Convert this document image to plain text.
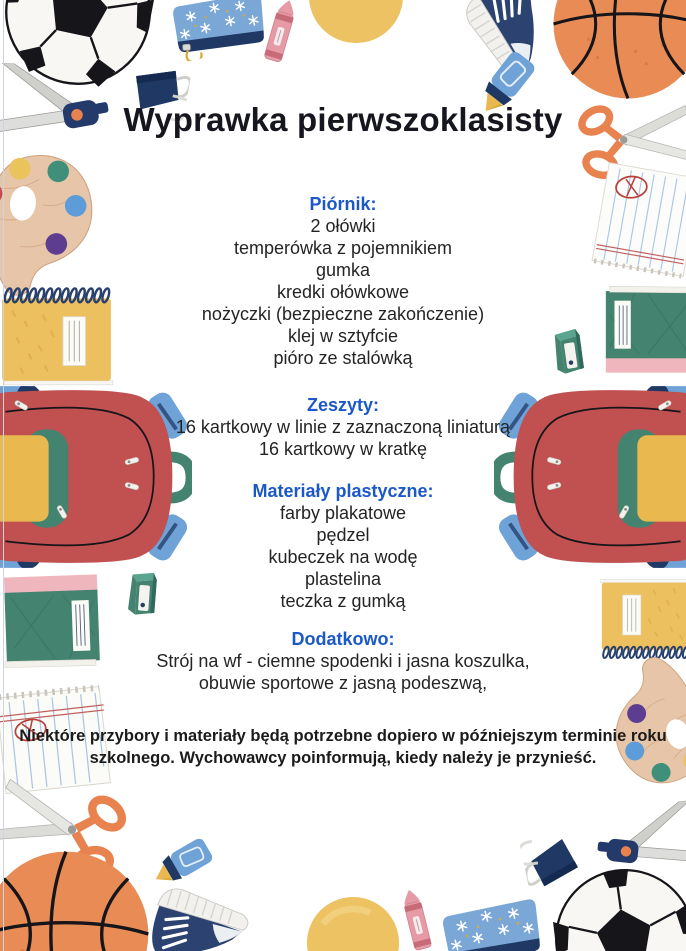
Wyprawka pierwszoklasisty
Piórnik:
2 ołówki
temperówka z pojemnikiem
gumka
kredki ołówkowe
nożyczki (bezpieczne zakończenie)
klej w sztyfcie
pióro ze stalówką
Zeszyty:
16 kartkowy w linie z zaznaczoną liniaturą
16 kartkowy w kratkę
Materiały plastyczne:
farby plakatowe
pędzel
kubeczek na wodę
plastelina
teczka z gumką
Dodatkowo:
Strój na wf - ciemne spodenki i jasna koszulka,
obuwie sportowe z jasną podeszwą,
Niektóre przybory i materiały będą potrzebne dopiero w późniejszym terminie roku szkolnego. Wychowawcy poinformują, kiedy należy je przynieść.
